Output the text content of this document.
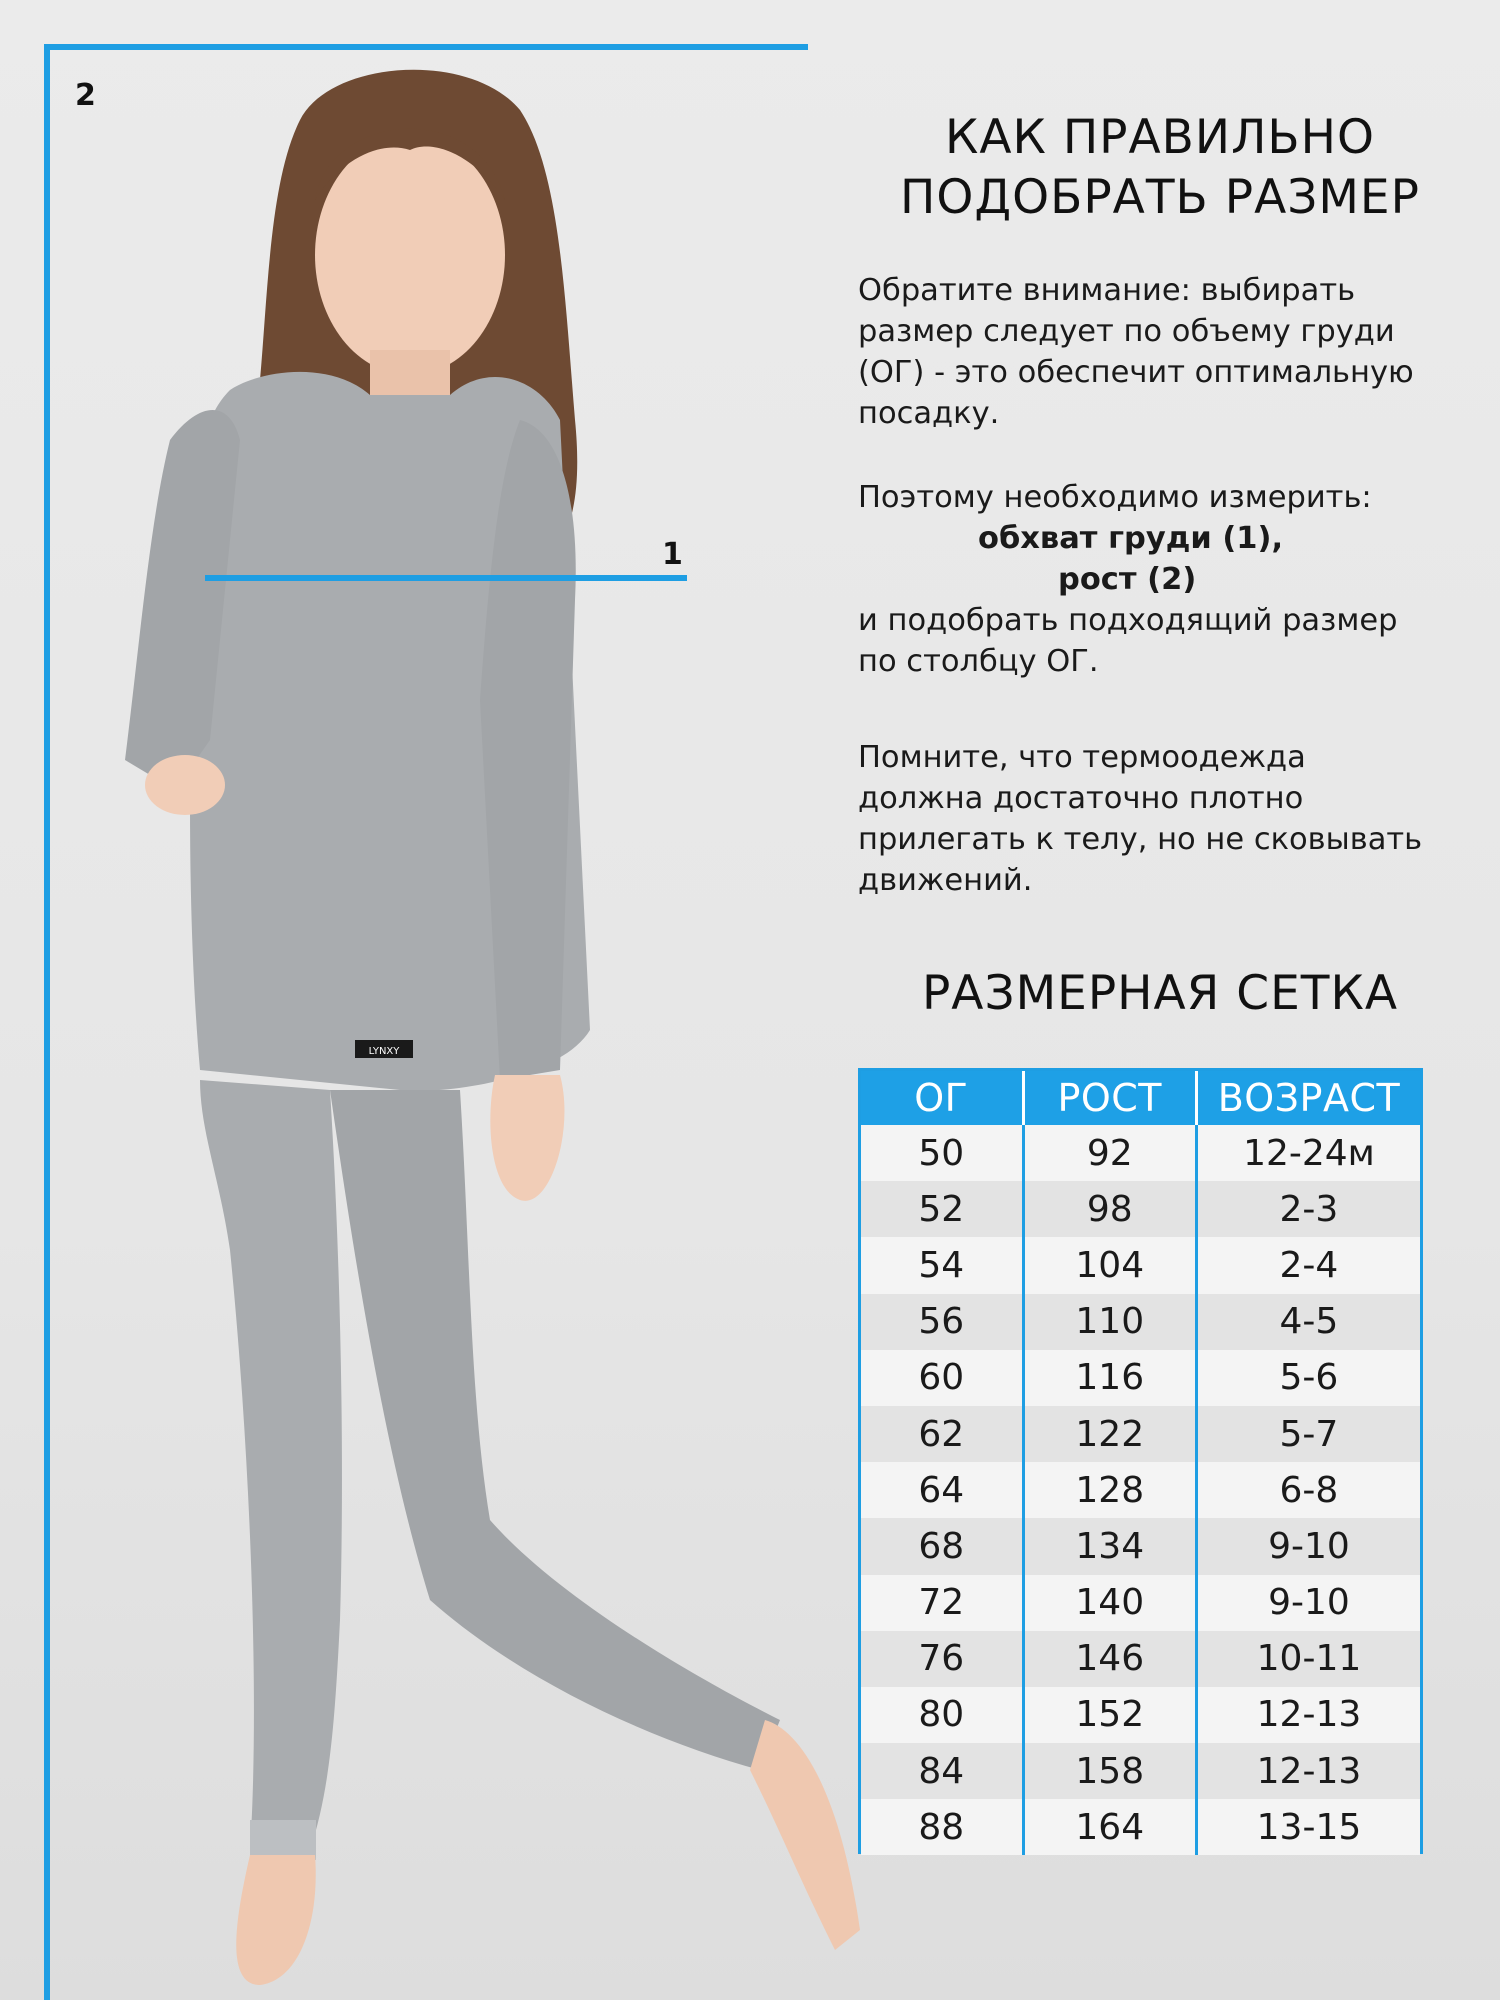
LYNXY
2
1
КАК ПРАВИЛЬНО
ПОДОБРАТЬ РАЗМЕР

Обратите внимание: выбирать
размер следует по объему груди
(ОГ) - это обеспечит оптимальную
посадку.

Поэтому необходимо измерить:
обхват груди (1),
рост (2)
и подобрать подходящий размер
по столбцу ОГ.

Помните, что термоодежда
должна достаточно плотно
прилегать к телу, но не сковывать
движений.

РАЗМЕРНАЯ СЕТКА
ОГ	РОСТ	ВОЗРАСТ
50	92	12-24м
52	98	2-3
54	104	2-4
56	110	4-5
60	116	5-6
62	122	5-7
64	128	6-8
68	134	9-10
72	140	9-10
76	146	10-11
80	152	12-13
84	158	12-13
88	164	13-15
